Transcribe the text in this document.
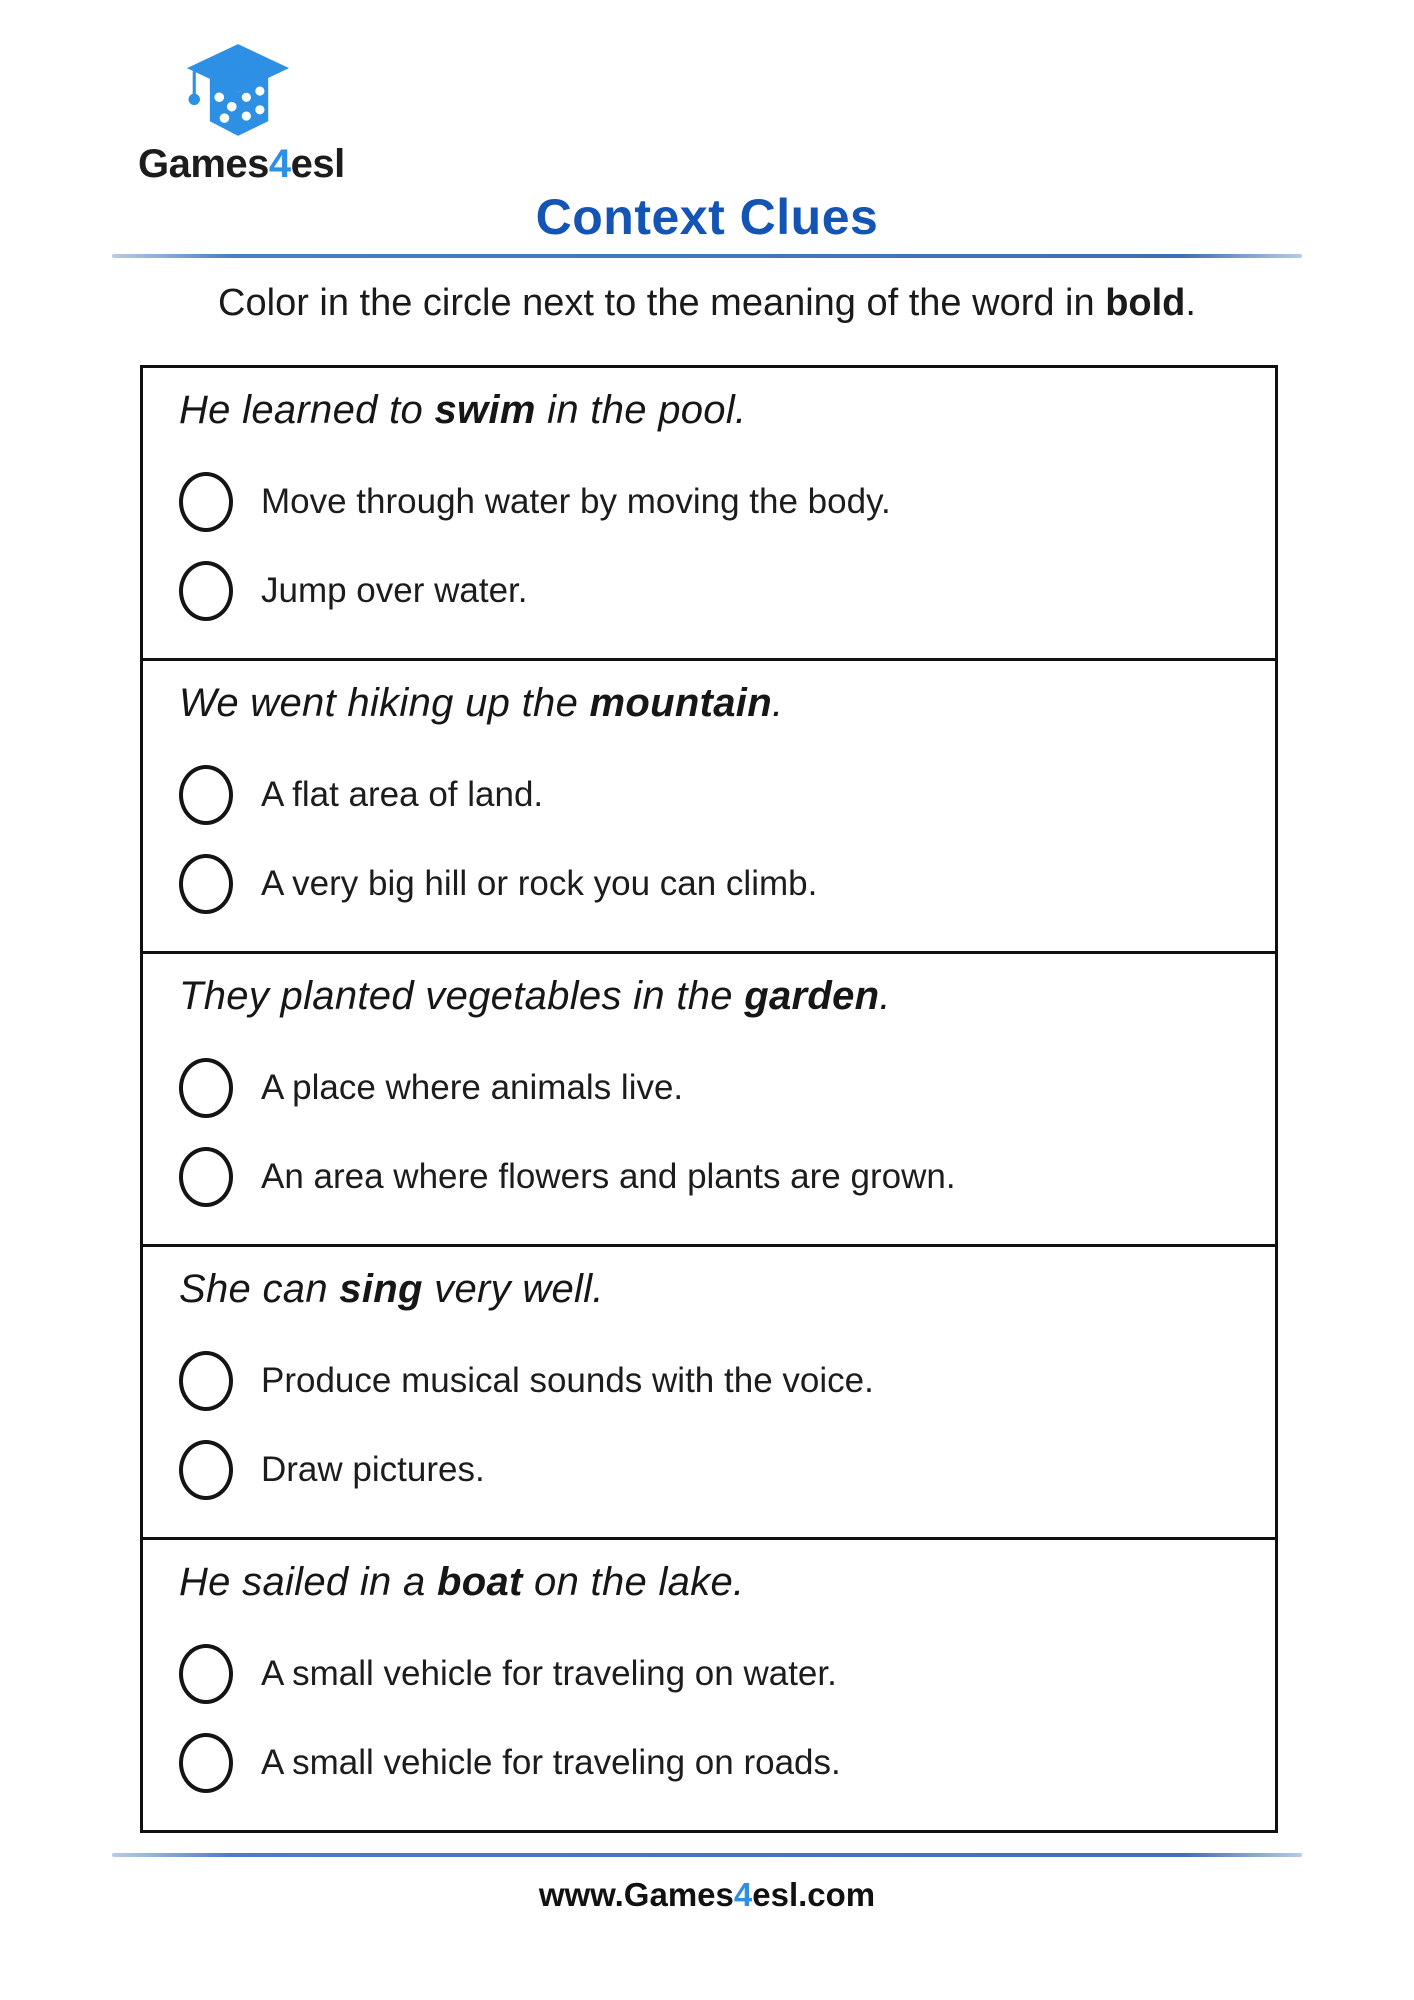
Games4esl
Context Clues

Color in the circle next to the meaning of the word in bold.

He learned to swim in the pool.

Move through water by moving the body.
Jump over water.

We went hiking up the mountain.

A flat area of land.
A very big hill or rock you can climb.

They planted vegetables in the garden.

A place where animals live.
An area where flowers and plants are grown.

She can sing very well.

Produce musical sounds with the voice.
Draw pictures.

He sailed in a boat on the lake.

A small vehicle for traveling on water.
A small vehicle for traveling on roads.

www.Games4esl.com
